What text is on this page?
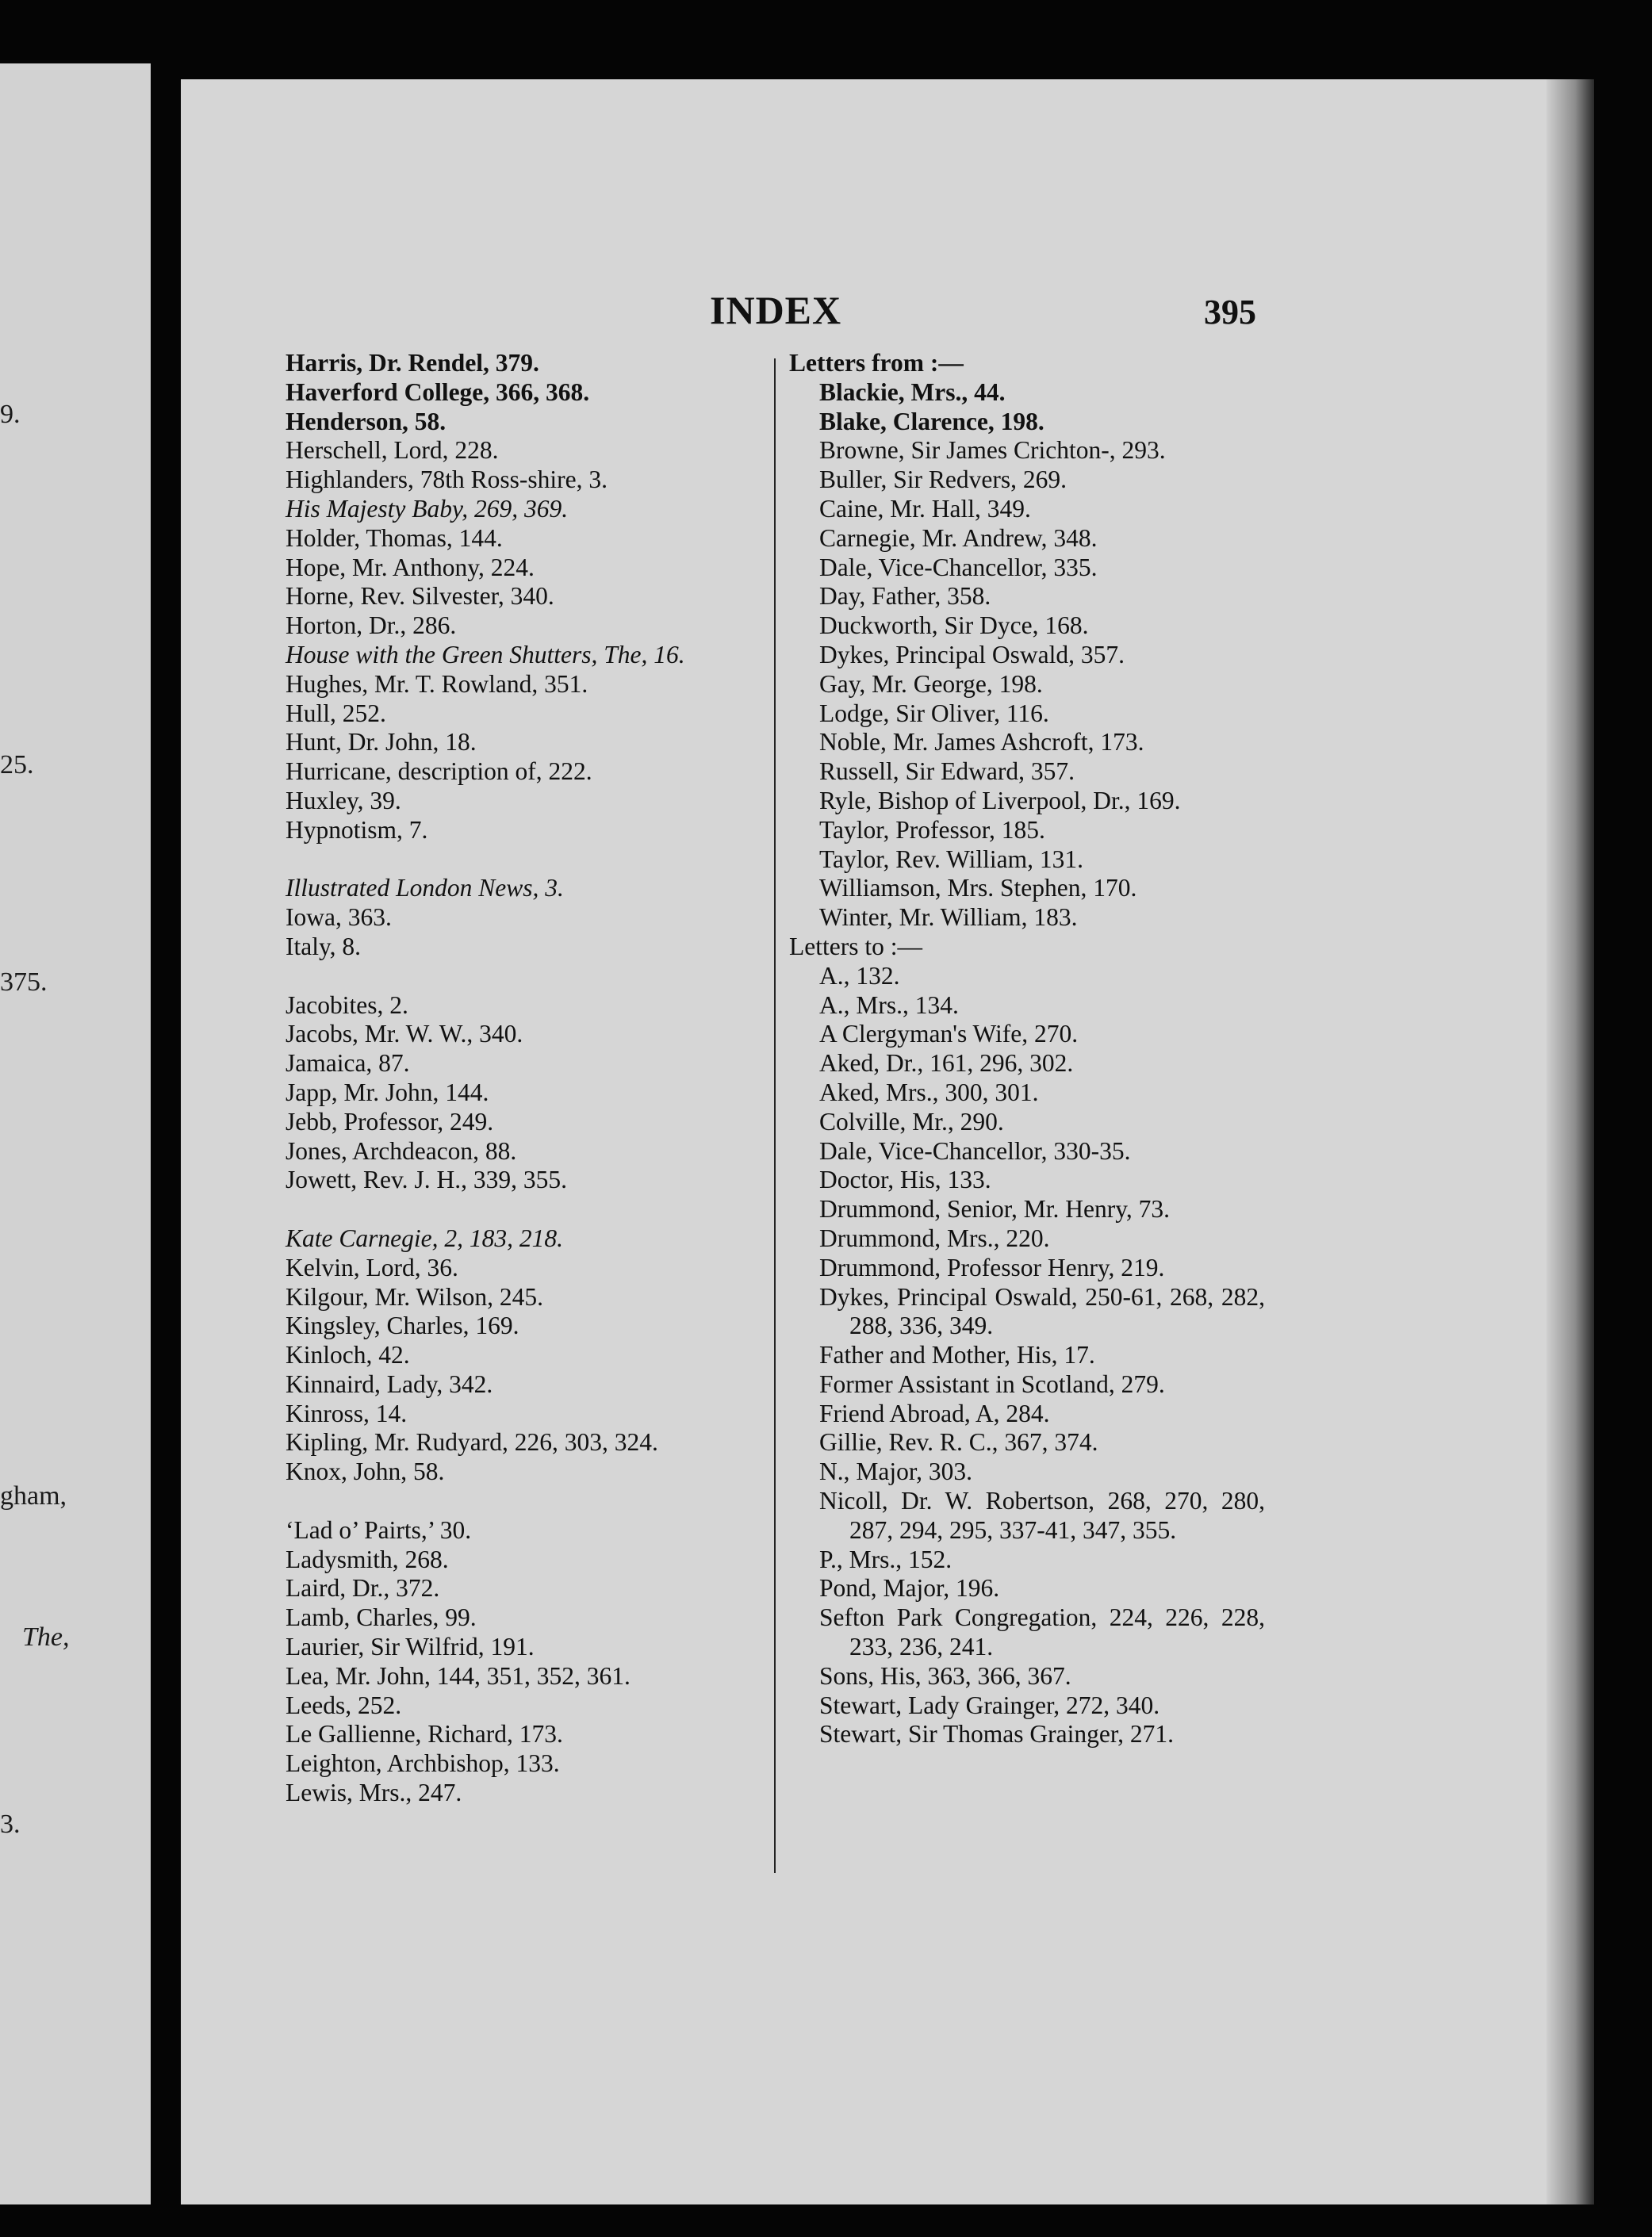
9.
25.
375.
gham,
The,
3.
INDEX	395
Harris, Dr. Rendel, 379.
Haverford College, 366, 368.
Henderson, 58.
Herschell, Lord, 228.
Highlanders, 78th Ross-shire, 3.
His Majesty Baby, 269, 369.
Holder, Thomas, 144.
Hope, Mr. Anthony, 224.
Horne, Rev. Silvester, 340.
Horton, Dr., 286.
House with the Green Shutters, The, 16.
Hughes, Mr. T. Rowland, 351.
Hull, 252.
Hunt, Dr. John, 18.
Hurricane, description of, 222.
Huxley, 39.
Hypnotism, 7.
Illustrated London News, 3.
Iowa, 363.
Italy, 8.
Jacobites, 2.
Jacobs, Mr. W. W., 340.
Jamaica, 87.
Japp, Mr. John, 144.
Jebb, Professor, 249.
Jones, Archdeacon, 88.
Jowett, Rev. J. H., 339, 355.
Kate Carnegie, 2, 183, 218.
Kelvin, Lord, 36.
Kilgour, Mr. Wilson, 245.
Kingsley, Charles, 169.
Kinloch, 42.
Kinnaird, Lady, 342.
Kinross, 14.
Kipling, Mr. Rudyard, 226, 303, 324.
Knox, John, 58.
‘Lad o’ Pairts,’ 30.
Ladysmith, 268.
Laird, Dr., 372.
Lamb, Charles, 99.
Laurier, Sir Wilfrid, 191.
Lea, Mr. John, 144, 351, 352, 361.
Leeds, 252.
Le Gallienne, Richard, 173.
Leighton, Archbishop, 133.
Lewis, Mrs., 247.
Letters from :—
Blackie, Mrs., 44.
Blake, Clarence, 198.
Browne, Sir James Crichton-, 293.
Buller, Sir Redvers, 269.
Caine, Mr. Hall, 349.
Carnegie, Mr. Andrew, 348.
Dale, Vice-Chancellor, 335.
Day, Father, 358.
Duckworth, Sir Dyce, 168.
Dykes, Principal Oswald, 357.
Gay, Mr. George, 198.
Lodge, Sir Oliver, 116.
Noble, Mr. James Ashcroft, 173.
Russell, Sir Edward, 357.
Ryle, Bishop of Liverpool, Dr., 169.
Taylor, Professor, 185.
Taylor, Rev. William, 131.
Williamson, Mrs. Stephen, 170.
Winter, Mr. William, 183.
Letters to :—
A., 132.
A., Mrs., 134.
A Clergyman's Wife, 270.
Aked, Dr., 161, 296, 302.
Aked, Mrs., 300, 301.
Colville, Mr., 290.
Dale, Vice-Chancellor, 330-35.
Doctor, His, 133.
Drummond, Senior, Mr. Henry, 73.
Drummond, Mrs., 220.
Drummond, Professor Henry, 219.
Dykes, Principal Oswald, 250-61, 268, 282, 288, 336, 349.
Father and Mother, His, 17.
Former Assistant in Scotland, 279.
Friend Abroad, A, 284.
Gillie, Rev. R. C., 367, 374.
N., Major, 303.
Nicoll, Dr. W. Robertson, 268, 270, 280, 287, 294, 295, 337-41, 347, 355.
P., Mrs., 152.
Pond, Major, 196.
Sefton Park Congregation, 224, 226, 228, 233, 236, 241.
Sons, His, 363, 366, 367.
Stewart, Lady Grainger, 272, 340.
Stewart, Sir Thomas Grainger, 271.
